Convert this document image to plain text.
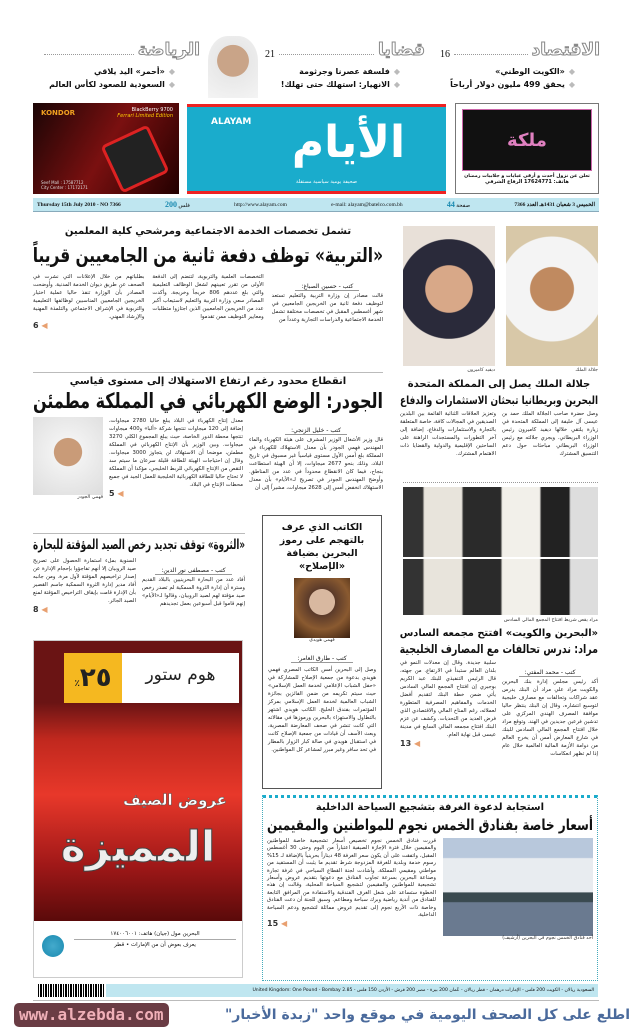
الاقتصاد
16
◆«الكويت الوطني»
◆يحقق 499 مليون دولار أرباحاً
قضايا
21
◆فلسفة عصرنا وجرثومة
◆الانهيار: استهلك حتى تهلك!
الرياضة
◆«أحمر» اليد يلاقي
◆السعودية للصعود لكأس العالم
KONDOR	BlackBerry 9700
Ferrari Limited Edition
Seef Mall : 17587712
City Center : 17172171
ALAYAM الأيام
صحيفة يومية سياسية مستقلة
ملكة
تعلن عن نزول أحدث و أرقى عبايات و جلابيات رمضان
هاتف: 17624771 الرفاع الشرقي
Thursday 15th July 2010 - NO 7366	200 فلس	http://www.alayam.com	e-mail: alayam@batelco.com.bh	44 صفحة	الخميس 3 شعبان 1431هـ العدد 7366
تشمل تخصصات الخدمة الاجتماعية ومرشحي كلية المعلمين
«التربية» توظف دفعة ثانية من الجامعيين قريباً
كتب - حسين الصباغ:
قالت مصادر إن وزارة التربية والتعليم تستعد لتوظيف دفعة ثانية من الخريجين الجامعيين في شهر أغسطس المقبل في تخصصات مختلفة تشمل الخدمة الاجتماعية والدراسات التجارية وعدداً من
التخصصات العلمية والتربوية، لتنضم إلى الدفعة الأولى من تقرر تعيينهم لشغل الوظائف التعليمية والتي بلغ عددهم 806 خريجاً وخريجة. وأكدت المصادر سعي وزارة التربية والتعليم لاستيعاب أكبر عدد من الخريجين الجامعيين الذين اجتازوا متطلبات ومعايير التوظيف ممن تقدموا
بطلباتهم من خلال الإعلانات التي نشرت في الصحف عن طريق ديوان الخدمة المدنية. وأوضحت المصادر بأن الوزارة تنفذ حاليا عملية اختيار الخريجين الجامعيين المناسبين لوظائفها التعليمية والتربوية في الإشراف الاجتماعي والتلمذة المهنية والإرشاد المهني.
◀ 6
انقطاع محدود رغم ارتفاع الاستهلاك إلى مستوى قياسي
الجودر: الوضع الكهربائي في المملكة مطمئن
كتب - خليل الزنجي:
قال وزير الأشغال الوزير المشرف على هيئة الكهرباء والماء المهندس فهمي الجودر بأن معدل الاستهلاك للكهرباء في المملكة بلغ أمس الأول مستوى قياسياً غير مسبوق في تاريخ البلاد، وذلك بنحو 2677 ميجاوات، إلا أن الهيئة استطاعت بنجاح، فيما كان الانقطاع محدوداً في عدد من المناطق. وأوضح المهندس الجودر في تصريح لـ«الأيام» بأن معدل الاستهلاك انخفض أمس إلى 2628 ميجاوات، مشيراً إلى أن
معدل إنتاج الكهرباء في البلاد يبلغ حاليا 2780 ميجاوات، إضافة إلى 120 ميجاوات تنتجها شركة «ألبا» و400 ميجاوات تنتجها محطة الدور الخاصة، حيث يبلغ المجموع الكلي 3270 ميجاوات. وبين الوزير بأن الإنتاج الكهربائي في المملكة مطمئن، موضحا أن الاستهلاك لن يتجاوز 3000 ميجاوات. وقال إن احتياجات الهيئة للطاقة قليلة سرعان ما سيتم سد النقص من الإنتاج الكهربائي للربط الخليجي، مؤكدا أن المملكة لا تحتاج حاليا للطاقة الكهربائية الخليجية للعمل الجيد في جميع محطات الإنتاج في البلاد.
◀ 5
فهمي الجودر
«الثروة» توقف تجديد رخص الصيد المؤقتة للبحارة
كتب - مصطفى نور الدين:
أفاد عدد من البحارة البحرينيين بالبلاد القديم وسترة أن إدارة الثروة السمكية لم تصدر رخص صيد مؤقتة لهم لصيد الروبيان، وقالوا لـ«الأيام» إنهم قاموا قبل أسبوعين بعمل تجديدهم
السنوية بملء استمارة الحصول على تصريح صيد الروبيان إلا أنهم تفاجؤوا بإحجام الإدارة عن إصدار تراخيصهم المؤقتة لأول مرة. ومن جانبه أفاد مدير إدارة الثروة السمكية جاسم القصير بأن الإدارة قامت بإيقاف التراخيص المؤقتة لمنع الصيد الجائر.
◀ 8
الكاتب الذي عرف بالتهجم على رموز البحرين بضيافة «الإصلاح»
فهمي هويدي
كتب - طارق العامر:
وصل إلى البحرين أمس الكاتب المصري فهمي هويدي بدعوة من جمعية الإصلاح للمشاركة في «حفل الشباب الإعلامي لخدمة العمل الإسلامي» حيث سيتم تكريمه من ضمن الفائزين بجائزة الشباب العالمية لخدمة العمل الإسلامي بمركز المؤتمرات بفندق الخليج. الكاتب هويدي اشتهر بالتطاول والاستهزاء بالبحرين ورموزها في مقالاته التي كانت تنشر في صحف المعارضة المصرية، وبعث الأسف أن قيادات من جمعية الإصلاح كانت في استقبال هويدي في صالة كبار الزوار بالمطار في تحد سافر وغير مبرر لمشاعر كل المواطنين.
هوم ستور
٢٥٪
عروض الصيف
المميزة
البحرين مول (جيان) هاتف: ١٧٤٠٠٦٠٠١
يعرف بعوض أن من الإمارات • قطر
ديفيد كاميرون	جلالة الملك
جلالة الملك يصل إلى المملكة المتحدة
البحرين وبريطانيا تبحثان الاستثمارات والدفاع
وصل حضرة صاحب الجلالة الملك حمد بن عيسى آل خليفة إلى المملكة المتحدة في زيارة يلتقي خلالها ديفيد كاميرون رئيس الوزراء البريطاني. ويجري جلالته مع رئيس الوزراء البريطاني مباحثات حول دعم التنسيق المشترك
وتعزيز العلاقات الثنائية القائمة بين البلدين الصديقين في المجالات كافة، خاصة المتعلقة بالتجارة والاستثمارات والدفاع، إضافة إلى آخر التطورات والمستجدات الراهنة على الساحتين الإقليمية والدولية والقضايا ذات الاهتمام المشترك.
مراد يقص شريط افتتاح المجمع المالي السادس
«البحرين والكويت» افتتح مجمعه السادس
مراد: ندرس تحالفات مع المصارف الخليجية
كتب - محمد المفتي:
أكد رئيس مجلس إدارة بنك البحرين والكويت مراد علي مراد أن البنك يدرس عقد شراكات وتحالفات مع مصارف خليجية لتوسيع انتشاره، وقال إن البنك ينتظر حاليا موافقة المصرف الهندي المركزي على تدشين فرعين جديدين في الهند. وتوقع مراد خلال افتتاح المجمع المالي السادس للبنك في شارع المعارض أمس أن يخرج العالم من دوامة الأزمة المالية العالمية خلال عام إذا لم تظهر انعكاسات
سلبية جديدة. وقال إن معدلات النمو في بلدان العالم ستبدأ في الارتفاع. من جهته، قال الرئيس التنفيذي للبنك عبد الكريم بوجيري إن افتتاح المجمع المالي السادس يأتي ضمن خطة البنك لتقديم أفضل الخدمات والمفاهيم المصرفية المتطورة لعملائه، رغم المناخ المالي والاقتصادي الذي فرض العديد من التحديات. وكشف عن عزم البنك افتتاح مجمعه المالي السابع في مدينة عيسى قبل نهاية العام.
◀ 13
استجابة لدعوة الغرفة بتشجيع السياحة الداخلية
أسعار خاصة بفنادق الخمس نجوم للمواطنين والمقيمين
أحد فنادق الخمس نجوم في البحرين (أرشيف)
قررت فنادق الخمس نجوم تخصيص أسعار تشجيعية خاصة للمواطنين والمقيمين خلال فترة الإجازة الصيفية اعتباراً من اليوم وحتى 30 أغسطس المقبل، واتفقت على أن يكون سعر الغرفة 48 ديناراً بحرينياً بالإضافة لـ 15% رسوم خدمة وبلدية للغرفة المزدوجة شرط تقديم ما يثبت أن المستفيد من مواطني ومقيمي المملكة. وأشادت لجنة القطاع السياحي في غرفة تجارة وصناعة البحرين بسرعة تجاوب الفنادق مع دعوتها بتقديم عروض وأسعار تشجيعية للمواطنين والمقيمين لتشجيع السياحة المحلية، وقالت إن هذه الخطوة ستساعد على شغل الغرف الفندقية والاستفادة من المرافق التابعة للفنادق من أندية رياضية وبرك سباحة ومطاعم. وسبق للجنة أن دعت الفنادق وخاصة ذات الأربع نجوم إلى تقديم عروض مماثلة لتشجيع ودعم السياحة الداخلية.
◀ 15
السعودية ريالان - الكويت 200 فلس - الإمارات درهمان - قطر ريالان - عُمان 200 بيزة - مصر 200 قرش - الأردن 150 فلس - United Kingdom: One Pound - Bombay 2.85
www.alzebda.com	اطلع على كل الصحف اليومية في موقع واحد "زبدة الأخبار"
